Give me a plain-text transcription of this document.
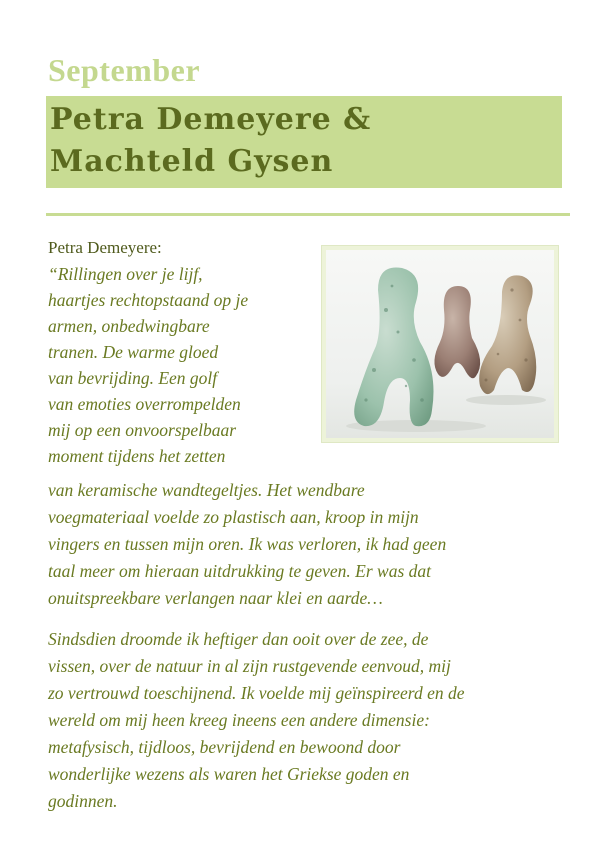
September
Petra Demeyere &
Machteld Gysen
Petra Demeyere:
“Rillingen over je lijf,
haartjes rechtopstaand op je
armen, onbedwingbare
tranen. De warme gloed
van bevrijding. Een golf
van emoties overrompelden
mij op een onvoorspelbaar
moment tijdens het zetten
van keramische wandtegeltjes. Het wendbare
voegmateriaal voelde zo plastisch aan, kroop in mijn
vingers en tussen mijn oren. Ik was verloren, ik had geen
taal meer om hieraan uitdrukking te geven. Er was dat
onuitspreekbare verlangen naar klei en aarde…
Sindsdien droomde ik heftiger dan ooit over de zee, de
vissen, over de natuur in al zijn rustgevende eenvoud, mij
zo vertrouwd toeschijnend. Ik voelde mij geïnspireerd en de
wereld om mij heen kreeg ineens een andere dimensie:
metafysisch, tijdloos, bevrijdend en bewoond door
wonderlijke wezens als waren het Griekse goden en
godinnen.
